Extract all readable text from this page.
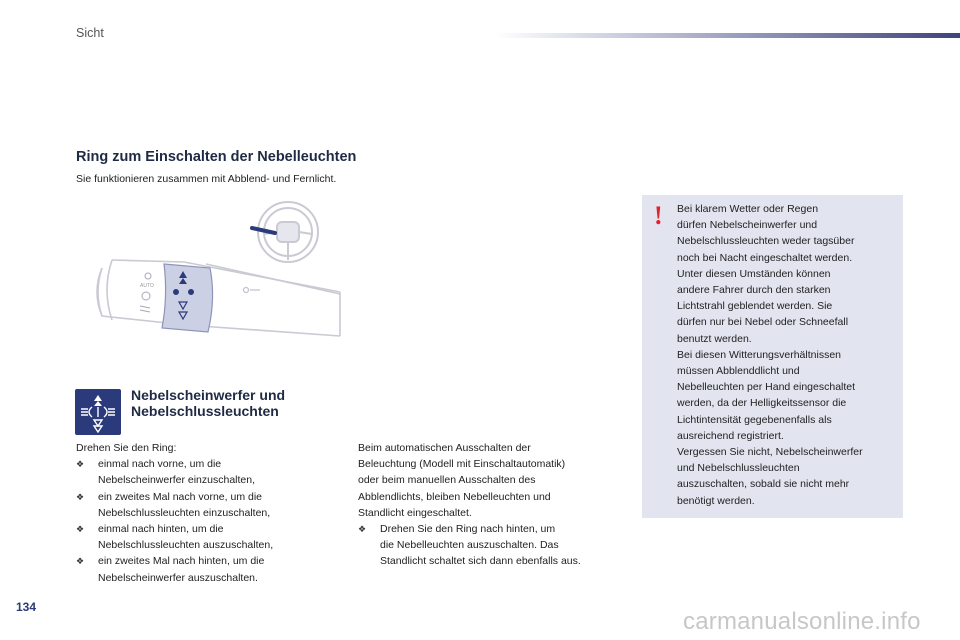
Sicht
Ring zum Einschalten der Nebelleuchten
Sie funktionieren zusammen mit Abblend- und Fernlicht.
AUTO
Nebelscheinwerfer und
Nebelschlussleuchten
Drehen Sie den Ring:
❖	einmal nach vorne, um die
Nebelscheinwerfer einzuschalten,
❖	ein zweites Mal nach vorne, um die
Nebelschlussleuchten einzuschalten,
❖	einmal nach hinten, um die
Nebelschlussleuchten auszuschalten,
❖	ein zweites Mal nach hinten, um die
Nebelscheinwerfer auszuschalten.
Beim automatischen Ausschalten der
Beleuchtung (Modell mit Einschaltautomatik)
oder beim manuellen Ausschalten des
Abblendlichts, bleiben Nebelleuchten und
Standlicht eingeschaltet.
❖	Drehen Sie den Ring nach hinten, um
die Nebelleuchten auszuschalten. Das
Standlicht schaltet sich dann ebenfalls aus.
! Bei klarem Wetter oder Regen
dürfen Nebelscheinwerfer und
Nebelschlussleuchten weder tagsüber
noch bei Nacht eingeschaltet werden.
Unter diesen Umständen können
andere Fahrer durch den starken
Lichtstrahl geblendet werden. Sie
dürfen nur bei Nebel oder Schneefall
benutzt werden.
Bei diesen Witterungsverhältnissen
müssen Abblenddlicht und
Nebelleuchten per Hand eingeschaltet
werden, da der Helligkeitssensor die
Lichtintensität gegebenenfalls als
ausreichend registriert.
Vergessen Sie nicht, Nebelscheinwerfer
und Nebelschlussleuchten
auszuschalten, sobald sie nicht mehr
benötigt werden.
134
carmanualsonline.info
